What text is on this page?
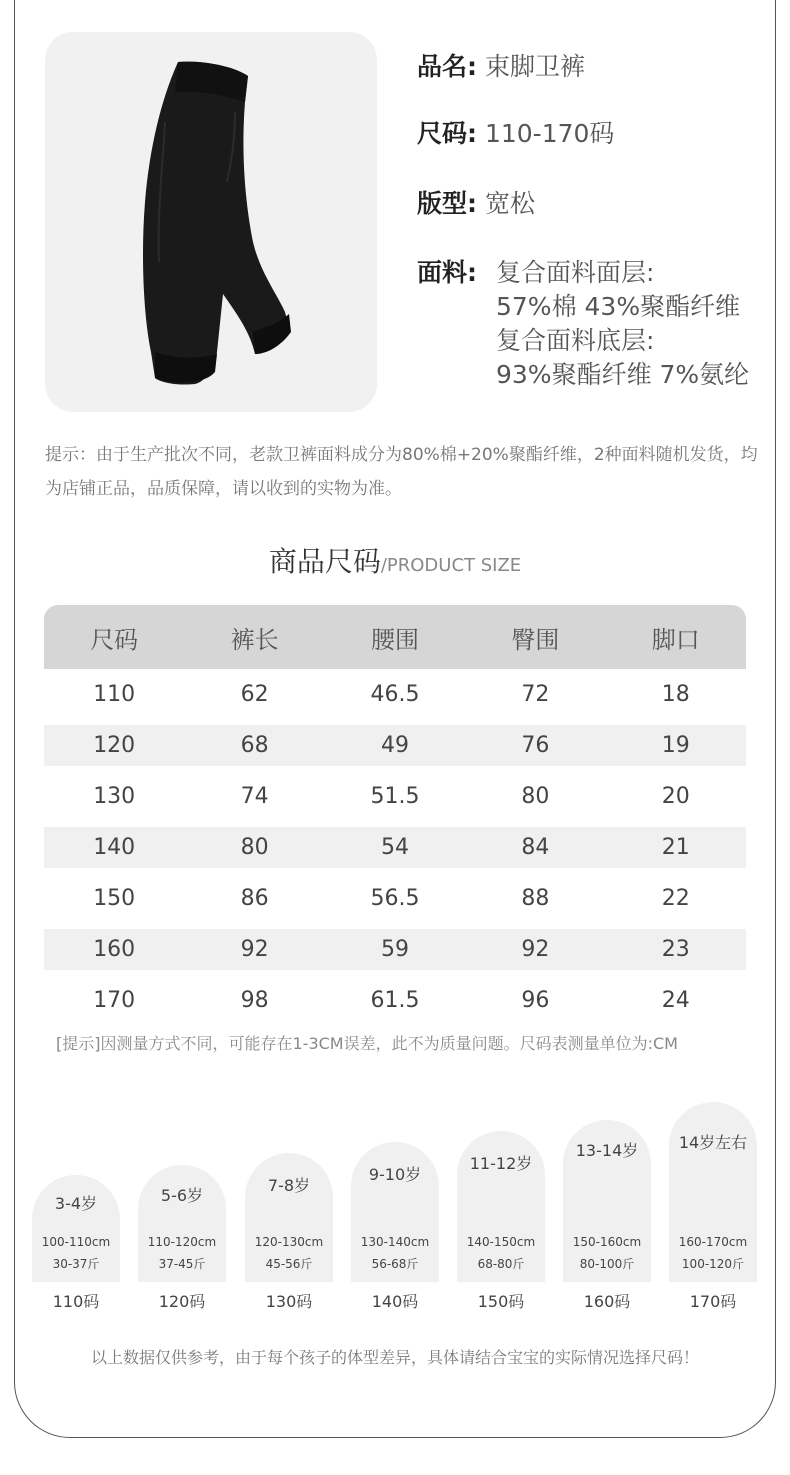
品名: 束脚卫裤
尺码: 110-170码
版型: 宽松
面料: 复合面料面层:
57%棉 43%聚酯纤维
复合面料底层:
93%聚酯纤维 7%氨纶
提示：由于生产批次不同，老款卫裤面料成分为80%棉+20%聚酯纤维，2种面料随机发货，均为店铺正品，品质保障，请以收到的实物为准。
商品尺码/PRODUCT SIZE
尺码	裤长	腰围	臀围	脚口
110	62	46.5	72	18
120	68	49	76	19
130	74	51.5	80	20
140	80	54	84	21
150	86	56.5	88	22
160	92	59	92	23
170	98	61.5	96	24
[提示]因测量方式不同，可能存在1-3CM误差，此不为质量问题。尺码表测量单位为:CM
3-4岁
100-110cm
30-37斤
5-6岁
110-120cm
37-45斤
7-8岁
120-130cm
45-56斤
9-10岁
130-140cm
56-68斤
11-12岁
140-150cm
68-80斤
13-14岁
150-160cm
80-100斤
14岁左右
160-170cm
100-120斤
110码	120码	130码	140码	150码	160码	170码
以上数据仅供参考，由于每个孩子的体型差异，具体请结合宝宝的实际情况选择尺码！
